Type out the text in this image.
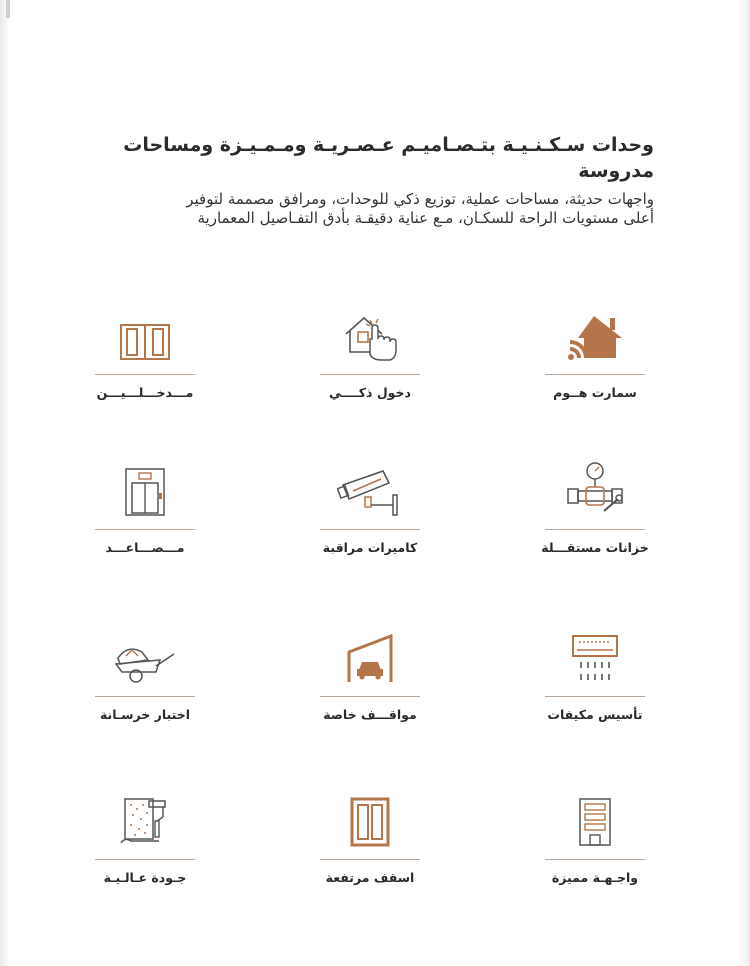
وحدات سـكـنـيـة بتـصـاميـم عـصـريـة ومـمـيـزة ومساحات مدروسة

واجهات حديثة، مساحات عملية، توزيع ذكي للوحدات، ومرافق مصممة لتوفير

أعلى مستويات الراحة للسكـان، مـع عناية دقيقـة بأدق التفـاصيل المعمارية

سمارت هــوم
دخول ذكــــي
مـــدخـــلـــيـــن
خزانات مستقـــلة
كاميرات مراقبة
مـــصـــاعـــد
تأسيس مكيفات
مواقـــف خاصة
اختبار خرسـانة
واجـهـة مميزة
اسقف مرتفعة
جـودة عـالـيـة
